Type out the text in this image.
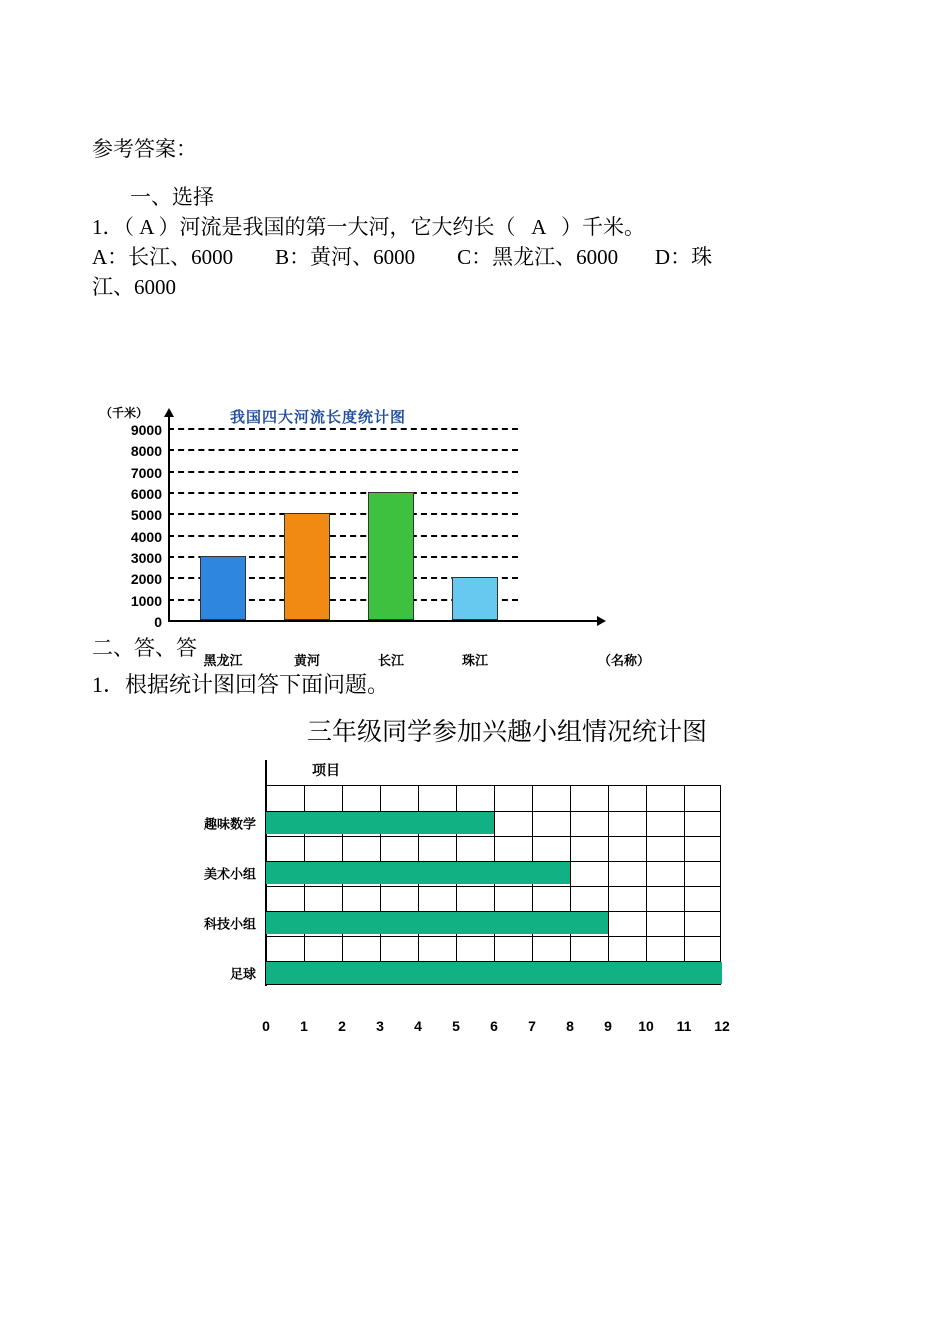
参考答案：
一、选择
1．（ A ）河流是我国的第一大河，它大约长（   A   ）千米。
A：长江、6000        B：黄河、6000        C：黑龙江、6000       D：珠
江、6000
（千米）	我国四大河流长度统计图
0
1000
2000
3000
4000
5000
6000
7000
8000
9000
黑龙江	黄河	长江	珠江	（名称）
二、答、答
1．根据统计图回答下面问题。
三年级同学参加兴趣小组情况统计图
项目
趣味数学
美术小组
科技小组
足球
0 1 2 3 4 5 6 7 8 9 10 11 12
